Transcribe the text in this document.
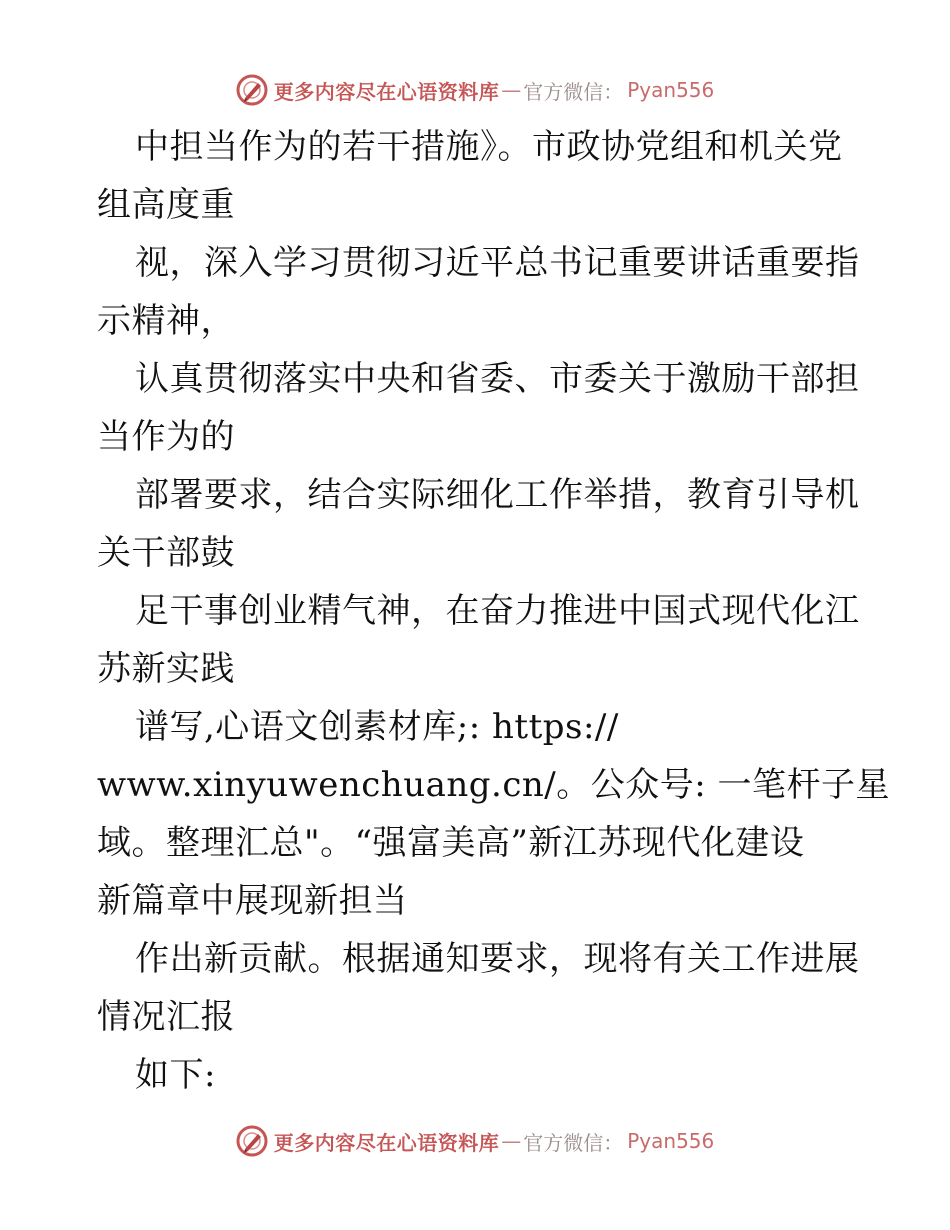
更多内容尽在心语资料库 — 官方微信： Pyan556
中担当作为的若干措施》。市政协党组和机关党
组高度重
视，深入学习贯彻习近平总书记重要讲话重要指
示精神，
认真贯彻落实中央和省委、市委关于激励干部担
当作为的
部署要求，结合实际细化工作举措，教育引导机
关干部鼓
足干事创业精气神，在奋力推进中国式现代化江
苏新实践
谱写,心语文创素材库;: https://
www.xinyuwenchuang.cn/。公众号: 一笔杆子星
域。整理汇总"。“强富美高”新江苏现代化建设
新篇章中展现新担当
作出新贡献。根据通知要求，现将有关工作进展
情况汇报
如下:
更多内容尽在心语资料库 — 官方微信： Pyan556
